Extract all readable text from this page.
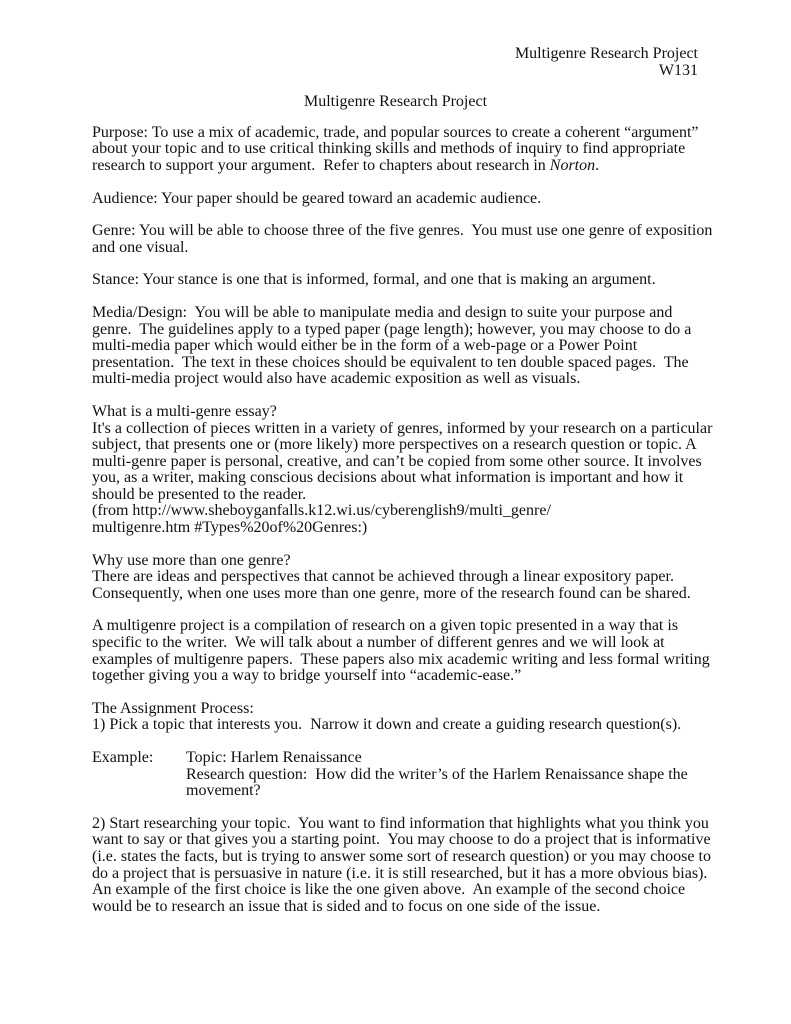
Multigenre Research Project
W131
Multigenre Research Project
Purpose: To use a mix of academic, trade, and popular sources to create a coherent “argument”
about your topic and to use critical thinking skills and methods of inquiry to find appropriate
research to support your argument.  Refer to chapters about research in Norton.
Audience: Your paper should be geared toward an academic audience.
Genre: You will be able to choose three of the five genres.  You must use one genre of exposition
and one visual.
Stance: Your stance is one that is informed, formal, and one that is making an argument.
Media/Design:  You will be able to manipulate media and design to suite your purpose and
genre.  The guidelines apply to a typed paper (page length); however, you may choose to do a
multi-media paper which would either be in the form of a web-page or a Power Point
presentation.  The text in these choices should be equivalent to ten double spaced pages.  The
multi-media project would also have academic exposition as well as visuals.
What is a multi-genre essay?
It's a collection of pieces written in a variety of genres, informed by your research on a particular
subject, that presents one or (more likely) more perspectives on a research question or topic. A
multi-genre paper is personal, creative, and can’t be copied from some other source. It involves
you, as a writer, making conscious decisions about what information is important and how it
should be presented to the reader.
(from http://www.sheboyganfalls.k12.wi.us/cyberenglish9/multi_genre/
multigenre.htm #Types%20of%20Genres:)
Why use more than one genre?
There are ideas and perspectives that cannot be achieved through a linear expository paper.
Consequently, when one uses more than one genre, more of the research found can be shared.
A multigenre project is a compilation of research on a given topic presented in a way that is
specific to the writer.  We will talk about a number of different genres and we will look at
examples of multigenre papers.  These papers also mix academic writing and less formal writing
together giving you a way to bridge yourself into “academic-ease.”
The Assignment Process:
1) Pick a topic that interests you.  Narrow it down and create a guiding research question(s).
Example: Topic: Harlem Renaissance
Research question:  How did the writer’s of the Harlem Renaissance shape the
movement?
2) Start researching your topic.  You want to find information that highlights what you think you
want to say or that gives you a starting point.  You may choose to do a project that is informative
(i.e. states the facts, but is trying to answer some sort of research question) or you may choose to
do a project that is persuasive in nature (i.e. it is still researched, but it has a more obvious bias).
An example of the first choice is like the one given above.  An example of the second choice
would be to research an issue that is sided and to focus on one side of the issue.
